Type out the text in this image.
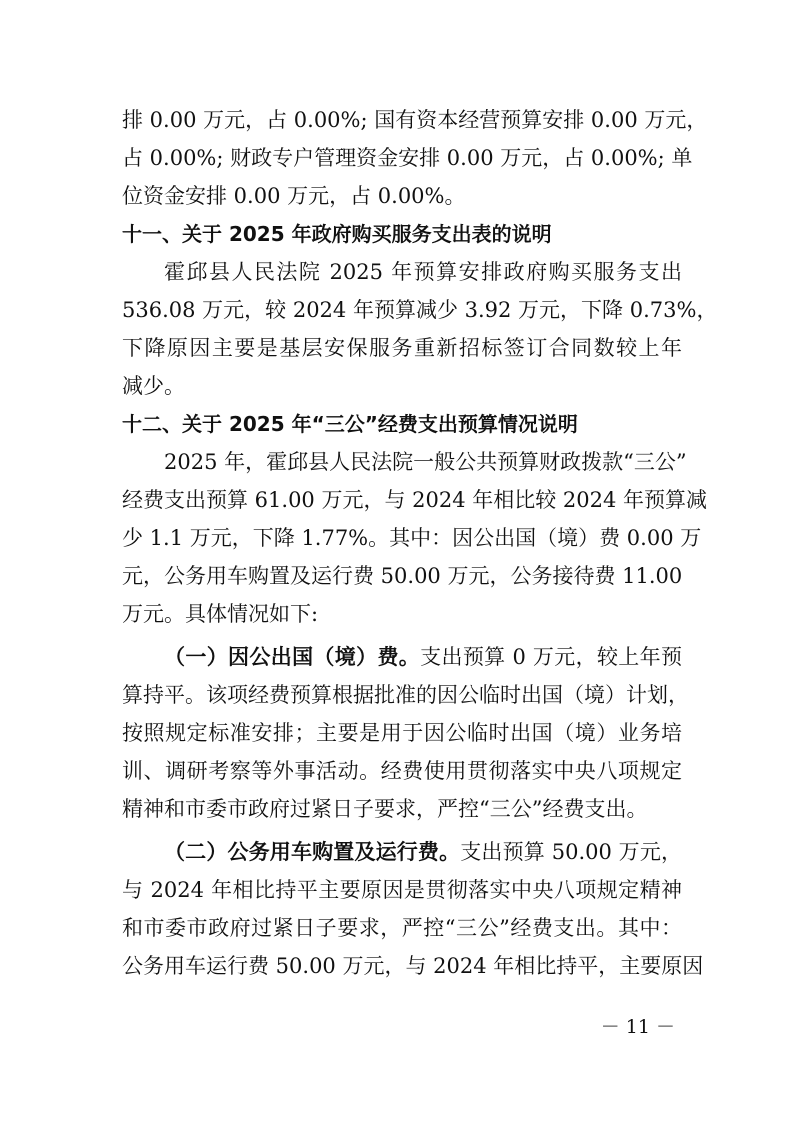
排 0.00 万元，占 0.00%; 国有资本经营预算安排 0.00 万元，
占 0.00%; 财政专户管理资金安排 0.00 万元，占 0.00%; 单
位资金安排 0.00 万元，占 0.00%。
十一、关于 2025 年政府购买服务支出表的说明
霍邱县人民法院 2025 年预算安排政府购买服务支出
536.08 万元，较 2024 年预算减少 3.92 万元，下降 0.73%，
下降原因主要是基层安保服务重新招标签订合同数较上年
减少。
十二、关于 2025 年“三公”经费支出预算情况说明
2025 年，霍邱县人民法院一般公共预算财政拨款“三公”
经费支出预算 61.00 万元，与 2024 年相比较 2024 年预算减
少 1.1 万元，下降 1.77%。其中：因公出国（境）费 0.00 万
元，公务用车购置及运行费 50.00 万元，公务接待费 11.00
万元。具体情况如下:
（一）因公出国（境）费。支出预算 0 万元，较上年预
算持平。该项经费预算根据批准的因公临时出国（境）计划，
按照规定标准安排；主要是用于因公临时出国（境）业务培
训、调研考察等外事活动。经费使用贯彻落实中央八项规定
精神和市委市政府过紧日子要求，严控“三公”经费支出。
（二）公务用车购置及运行费。支出预算 50.00 万元，
与 2024 年相比持平主要原因是贯彻落实中央八项规定精神
和市委市政府过紧日子要求，严控“三公”经费支出。其中：
公务用车运行费 50.00 万元，与 2024 年相比持平，主要原因
－ 11 －
